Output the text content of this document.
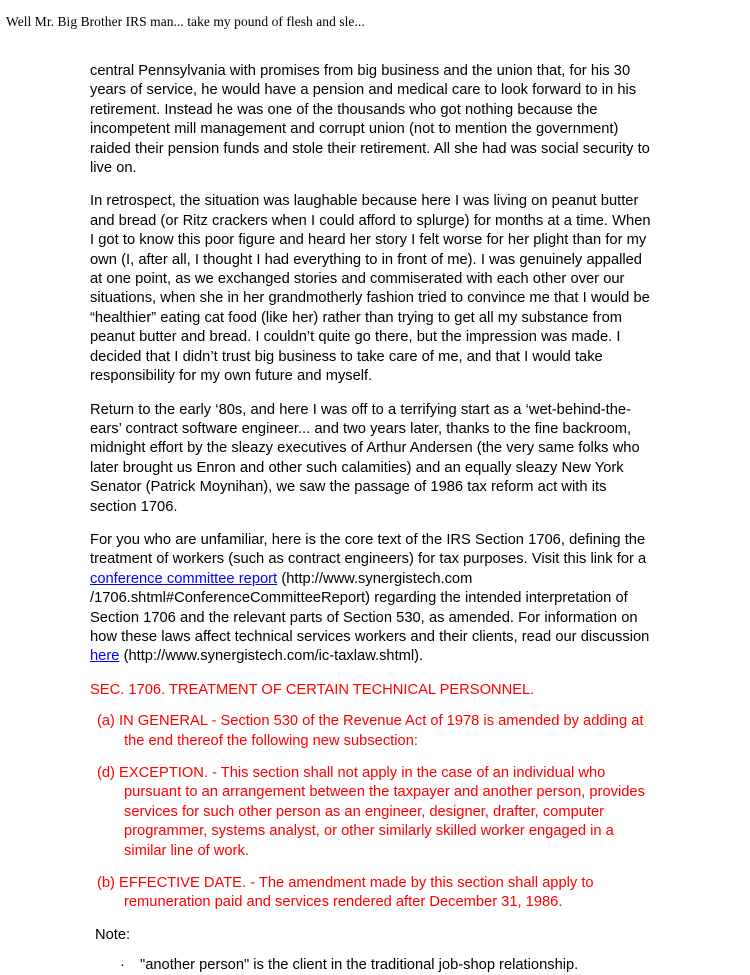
Well Mr. Big Brother IRS man... take my pound of flesh and sle...

central Pennsylvania with promises from big business and the union that, for his 30 years of service, he would have a pension and medical care to look forward to in his retirement. Instead he was one of the thousands who got nothing because the incompetent mill management and corrupt union (not to mention the government) raided their pension funds and stole their retirement. All she had was social security to live on.

In retrospect, the situation was laughable because here I was living on peanut butter and bread (or Ritz crackers when I could afford to splurge) for months at a time. When I got to know this poor figure and heard her story I felt worse for her plight than for my own (I, after all, I thought I had everything to in front of me). I was genuinely appalled at one point, as we exchanged stories and commiserated with each other over our situations, when she in her grandmotherly fashion tried to convince me that I would be “healthier” eating cat food (like her) rather than trying to get all my substance from peanut butter and bread. I couldn’t quite go there, but the impression was made. I decided that I didn’t trust big business to take care of me, and that I would take responsibility for my own future and myself.

Return to the early ‘80s, and here I was off to a terrifying start as a ‘wet-behind-the-ears’ contract software engineer... and two years later, thanks to the fine backroom, midnight effort by the sleazy executives of Arthur Andersen (the very same folks who later brought us Enron and other such calamities) and an equally sleazy New York Senator (Patrick Moynihan), we saw the passage of 1986 tax reform act with its section 1706.

For you who are unfamiliar, here is the core text of the IRS Section 1706, defining the treatment of workers (such as contract engineers) for tax purposes. Visit this link for a conference committee report (http://www.synergistech.com /1706.shtml#ConferenceCommitteeReport) regarding the intended interpretation of Section 1706 and the relevant parts of Section 530, as amended. For information on how these laws affect technical services workers and their clients, read our discussion here (http://www.synergistech.com/ic-taxlaw.shtml).

SEC. 1706. TREATMENT OF CERTAIN TECHNICAL PERSONNEL.

(a) IN GENERAL - Section 530 of the Revenue Act of 1978 is amended by adding at the end thereof the following new subsection:

(d) EXCEPTION. - This section shall not apply in the case of an individual who pursuant to an arrangement between the taxpayer and another person, provides services for such other person as an engineer, designer, drafter, computer programmer, systems analyst, or other similarly skilled worker engaged in a similar line of work.

(b) EFFECTIVE DATE. - The amendment made by this section shall apply to remuneration paid and services rendered after December 31, 1986.

Note:

· "another person" is the client in the traditional job-shop relationship.
